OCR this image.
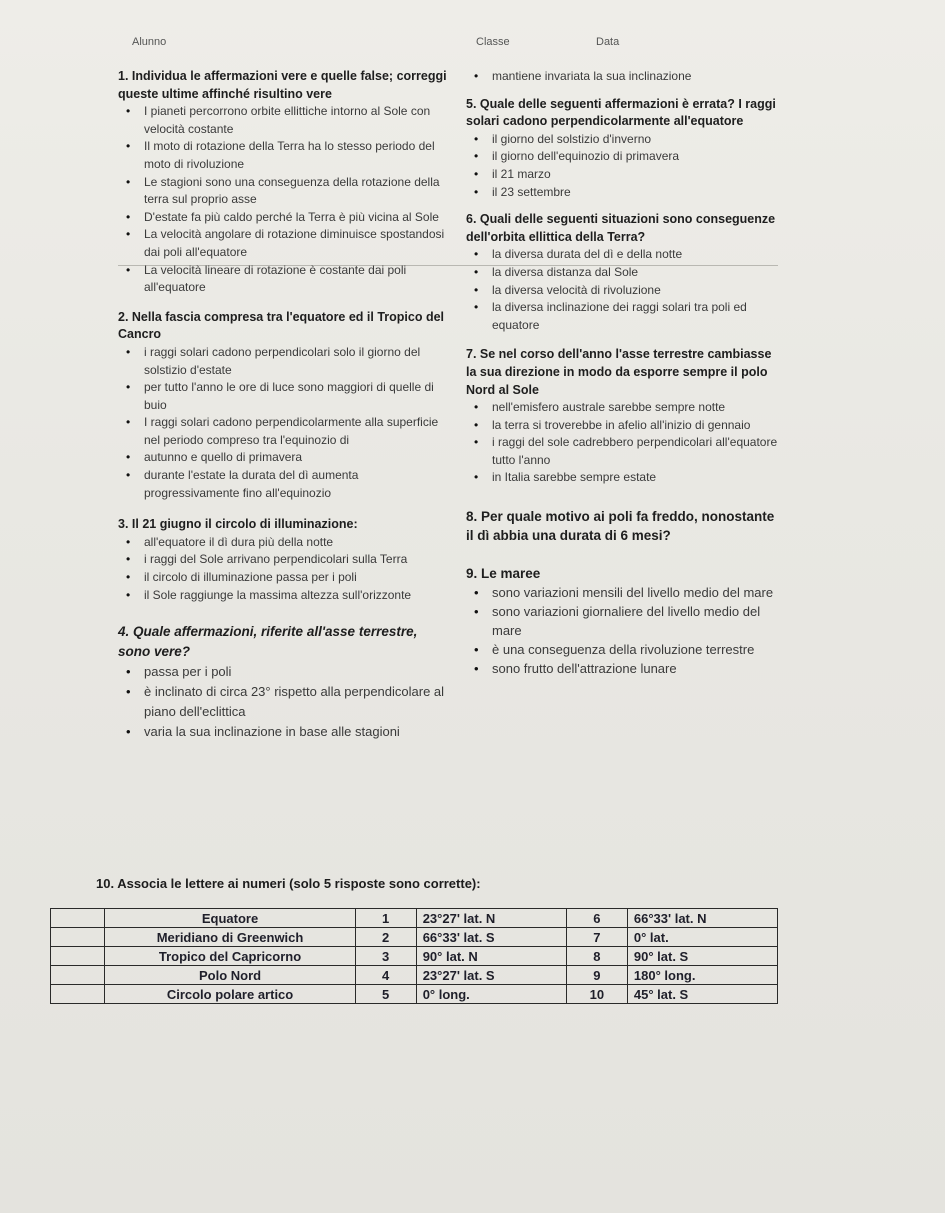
Alunno	Classe	Data
1. Individua le affermazioni vere e quelle false; correggi queste ultime affinché risultino vere
• I pianeti percorrono orbite ellittiche intorno al Sole con velocità costante
• Il moto di rotazione della Terra ha lo stesso periodo del moto di rivoluzione
• Le stagioni sono una conseguenza della rotazione della terra sul proprio asse
• D'estate fa più caldo perché la Terra è più vicina al Sole
• La velocità angolare di rotazione diminuisce spostandosi dai poli all'equatore
• La velocità lineare di rotazione è costante dai poli all'equatore
2. Nella fascia compresa tra l'equatore ed il Tropico del Cancro
• i raggi solari cadono perpendicolari solo il giorno del solstizio d'estate
• per tutto l'anno le ore di luce sono maggiori di quelle di buio
• I raggi solari cadono perpendicolarmente alla superficie nel periodo compreso tra l'equinozio di
• autunno e quello di primavera
• durante l'estate la durata del dì aumenta progressivamente fino all'equinozio
3. Il 21 giugno il circolo di illuminazione:
• all'equatore il dì dura più della notte
• i raggi del Sole arrivano perpendicolari sulla Terra
• il circolo di illuminazione passa per i poli
• il Sole raggiunge la massima altezza sull'orizzonte
4. Quale affermazioni, riferite all'asse terrestre, sono vere?
• passa per i poli
• è inclinato di circa 23° rispetto alla perpendicolare al piano dell'eclittica
• varia la sua inclinazione in base alle stagioni
• mantiene invariata la sua inclinazione
5. Quale delle seguenti affermazioni è errata? I raggi solari cadono perpendicolarmente all'equatore
• il giorno del solstizio d'inverno
• il giorno dell'equinozio di primavera
• il 21 marzo
• il 23 settembre
6. Quali delle seguenti situazioni sono conseguenze dell'orbita ellittica della Terra?
• la diversa durata del dì e della notte
• la diversa distanza dal Sole
• la diversa velocità di rivoluzione
• la diversa inclinazione dei raggi solari tra poli ed equatore
7. Se nel corso dell'anno l'asse terrestre cambiasse la sua direzione in modo da esporre sempre il polo Nord al Sole
• nell'emisfero australe sarebbe sempre notte
• la terra si troverebbe in afelio all'inizio di gennaio
• i raggi del sole cadrebbero perpendicolari all'equatore tutto l'anno
• in Italia sarebbe sempre estate
8. Per quale motivo ai poli fa freddo, nonostante il dì abbia una durata di 6 mesi?
9. Le maree
• sono variazioni mensili del livello medio del mare
• sono variazioni giornaliere del livello medio del mare
• è una conseguenza della rivoluzione terrestre
• sono frutto dell'attrazione lunare
10. Associa le lettere ai numeri (solo 5 risposte sono corrette):
	Equatore	1	23°27' lat. N	6	66°33' lat. N
	Meridiano di Greenwich	2	66°33' lat. S	7	0° lat.
	Tropico del Capricorno	3	90° lat. N	8	90° lat. S
	Polo Nord	4	23°27' lat. S	9	180° long.
	Circolo polare artico	5	0° long.	10	45° lat. S
